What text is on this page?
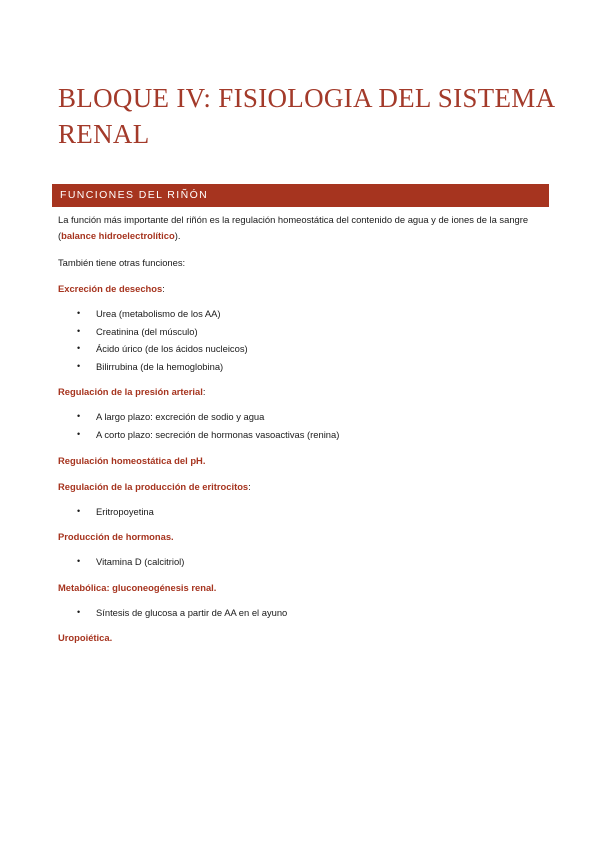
BLOQUE IV: FISIOLOGIA DEL SISTEMA RENAL
FUNCIONES DEL RIÑÓN

La función más importante del riñón es la regulación homeostática del contenido de agua y de iones de la sangre (balance hidroelectrolítico).

También tiene otras funciones:

Excreción de desechos:

• Urea (metabolismo de los AA)
• Creatinina (del músculo)
• Ácido úrico (de los ácidos nucleicos)
• Bilirrubina (de la hemoglobina)

Regulación de la presión arterial:

• A largo plazo: excreción de sodio y agua
• A corto plazo: secreción de hormonas vasoactivas (renina)

Regulación homeostática del pH.

Regulación de la producción de eritrocitos:

• Eritropoyetina

Producción de hormonas.

• Vitamina D (calcitriol)

Metabólica: gluconeogénesis renal.

• Síntesis de glucosa a partir de AA en el ayuno

Uropoiética.
